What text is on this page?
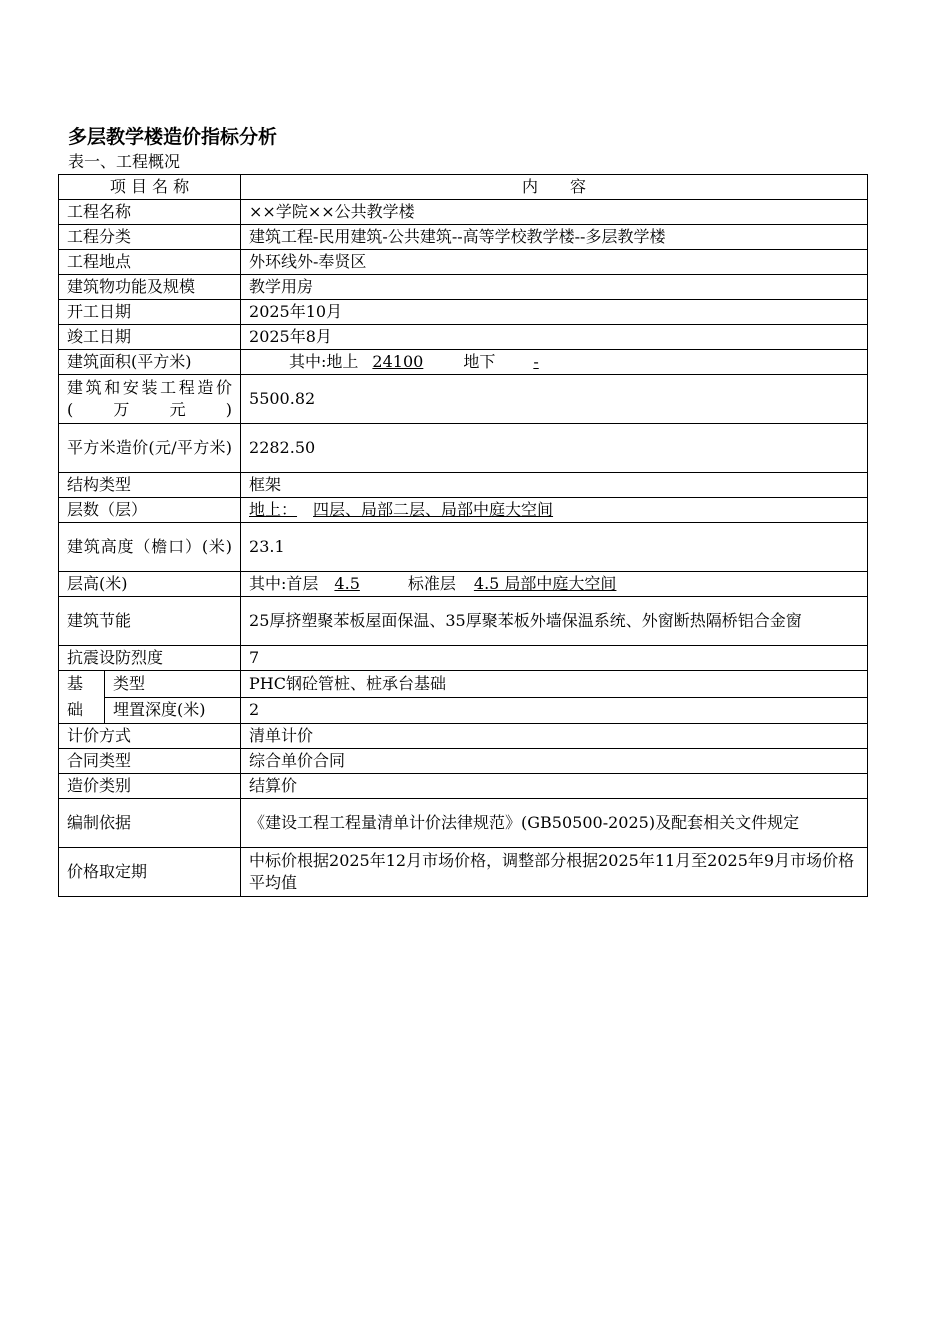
多层教学楼造价指标分析
表一、工程概况
项 目 名 称		内　　容
工程名称		××学院××公共教学楼
工程分类		建筑工程-民用建筑-公共建筑--高等学校教学楼--多层教学楼
工程地点		外环线外-奉贤区
建筑物功能及规模		教学用房
开工日期		2025年10月
竣工日期		2025年8月
建筑面积(平方米)		其中:地上 24100 地下 -
建筑和安装工程造价(万元)		5500.82
平方米造价(元/平方米)		2282.50
结构类型		框架
层数（层）		地上： 四层、局部二层、局部中庭大空间
建筑高度（檐口）(米)		23.1
层高(米)		其中:首层 4.5 标准层 4.5 局部中庭大空间
建筑节能		25厚挤塑聚苯板屋面保温、35厚聚苯板外墙保温系统、外窗断热隔桥铝合金窗
抗震设防烈度		7
基础	类型	PHC钢砼管桩、桩承台基础
	埋置深度(米)	2
计价方式		清单计价
合同类型		综合单价合同
造价类别		结算价
编制依据		《建设工程工程量清单计价法律规范》(GB50500-2025)及配套相关文件规定
价格取定期		中标价根据2025年12月市场价格，调整部分根据2025年11月至2025年9月市场价格平均值
